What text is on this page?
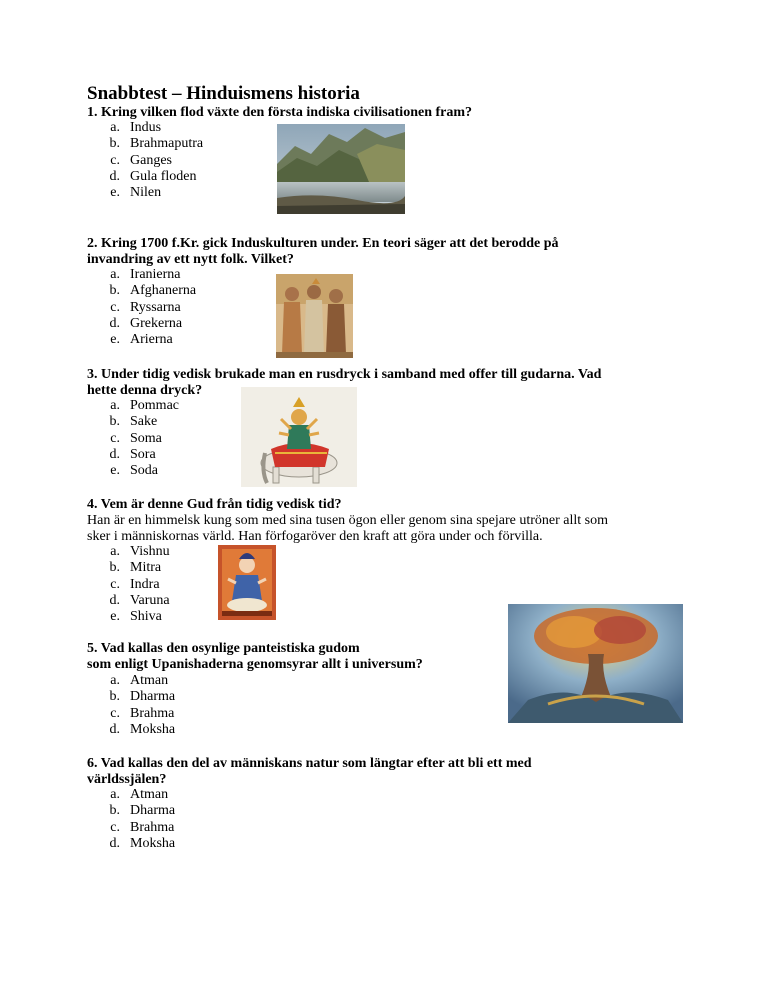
Snabbtest – Hinduismens historia
1. Kring vilken flod växte den första indiska civilisationen fram?
a. Indus
b. Brahmaputra
c. Ganges
d. Gula floden
e. Nilen
2. Kring 1700 f.Kr. gick Induskulturen under. En teori säger att det berodde på
invandring av ett nytt folk. Vilket?
a. Iranierna
b. Afghanerna
c. Ryssarna
d. Grekerna
e. Arierna
3. Under tidig vedisk brukade man en rusdryck i samband med offer till gudarna. Vad
hette denna dryck?
a. Pommac
b. Sake
c. Soma
d. Sora
e. Soda
4. Vem är denne Gud från tidig vedisk tid?
Han är en himmelsk kung som med sina tusen ögon eller genom sina spejare utröner allt som
sker i människornas värld. Han förfogaröver den kraft att göra under och förvilla.
a. Vishnu
b. Mitra
c. Indra
d. Varuna
e. Shiva
5. Vad kallas den osynlige panteistiska gudom
som enligt Upanishaderna genomsyrar allt i universum?
a. Atman
b. Dharma
c. Brahma
d. Moksha
6. Vad kallas den del av människans natur som längtar efter att bli ett med
världssjälen?
a. Atman
b. Dharma
c. Brahma
d. Moksha
